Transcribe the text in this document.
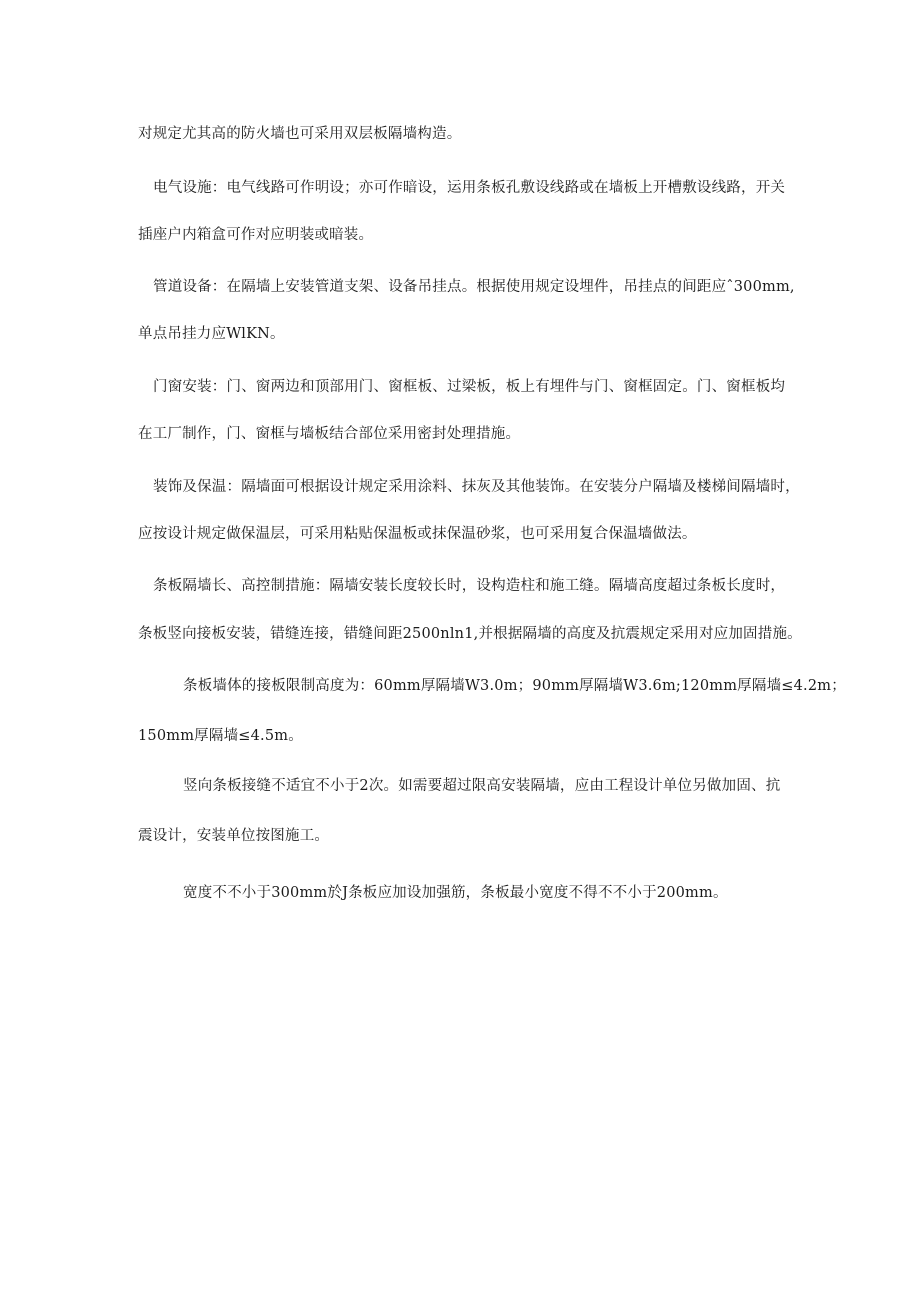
对规定尤其高的防火墙也可采用双层板隔墙构造。
电气设施：电气线路可作明设；亦可作暗设，运用条板孔敷设线路或在墙板上开槽敷设线路，开关
插座户内箱盒可作对应明装或暗装。
管道设备：在隔墙上安装管道支架、设备吊挂点。根据使用规定设埋件，吊挂点的间距应ˆ300mm,
单点吊挂力应WlKN。
门窗安装：门、窗两边和顶部用门、窗框板、过梁板，板上有埋件与门、窗框固定。门、窗框板均
在工厂制作，门、窗框与墙板结合部位采用密封处理措施。
装饰及保温：隔墙面可根据设计规定采用涂料、抹灰及其他装饰。在安装分户隔墙及楼梯间隔墙时，
应按设计规定做保温层，可采用粘贴保温板或抹保温砂浆，也可采用复合保温墙做法。
条板隔墙长、高控制措施：隔墙安装长度较长时，设构造柱和施工缝。隔墙高度超过条板长度时，
条板竖向接板安装，错缝连接，错缝间距2500nln1,并根据隔墙的高度及抗震规定采用对应加固措施。
条板墙体的接板限制高度为：60mm厚隔墙W3.0m；90mm厚隔墙W3.6m;120mm厚隔墙≤4.2m；
150mm厚隔墙≤4.5m。
竖向条板接缝不适宜不小于2次。如需要超过限高安装隔墙，应由工程设计单位另做加固、抗
震设计，安装单位按图施工。
宽度不不小于300mm於J条板应加设加强筋，条板最小宽度不得不不小于200mm。
